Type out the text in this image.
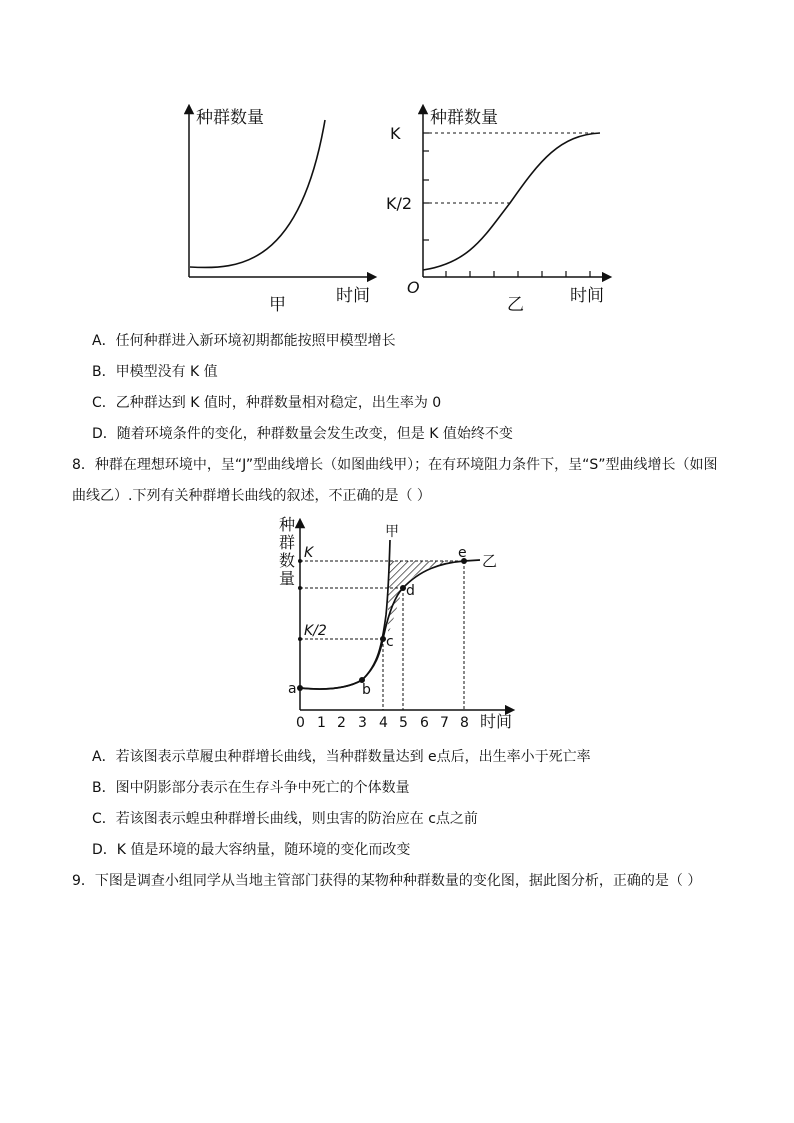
种群数量
时间
甲
种群数量
K
K/2
O	时间
乙
A．任何种群进入新环境初期都能按照甲模型增长
B．甲模型没有 K 值
C．乙种群达到 K 值时，种群数量相对稳定，出生率为 0
D．随着环境条件的变化，种群数量会发生改变，但是 K 值始终不变
8．种群在理想环境中，呈“J”型曲线增长（如图曲线甲）；在有环境阻力条件下，呈“S”型曲线增长（如图
曲线乙）.下列有关种群增长曲线的叙述，不正确的是（ ）
种
群
数
量
K
K/2
甲
乙
a	b
c
d
e
0 1 2 3 4 5 6 7 8 时间
A．若该图表示草履虫种群增长曲线，当种群数量达到 e点后，出生率小于死亡率
B．图中阴影部分表示在生存斗争中死亡的个体数量
C．若该图表示蝗虫种群增长曲线，则虫害的防治应在 c点之前
D．K 值是环境的最大容纳量，随环境的变化而改变
9．下图是调查小组同学从当地主管部门获得的某物种种群数量的变化图，据此图分析，正确的是（ ）
